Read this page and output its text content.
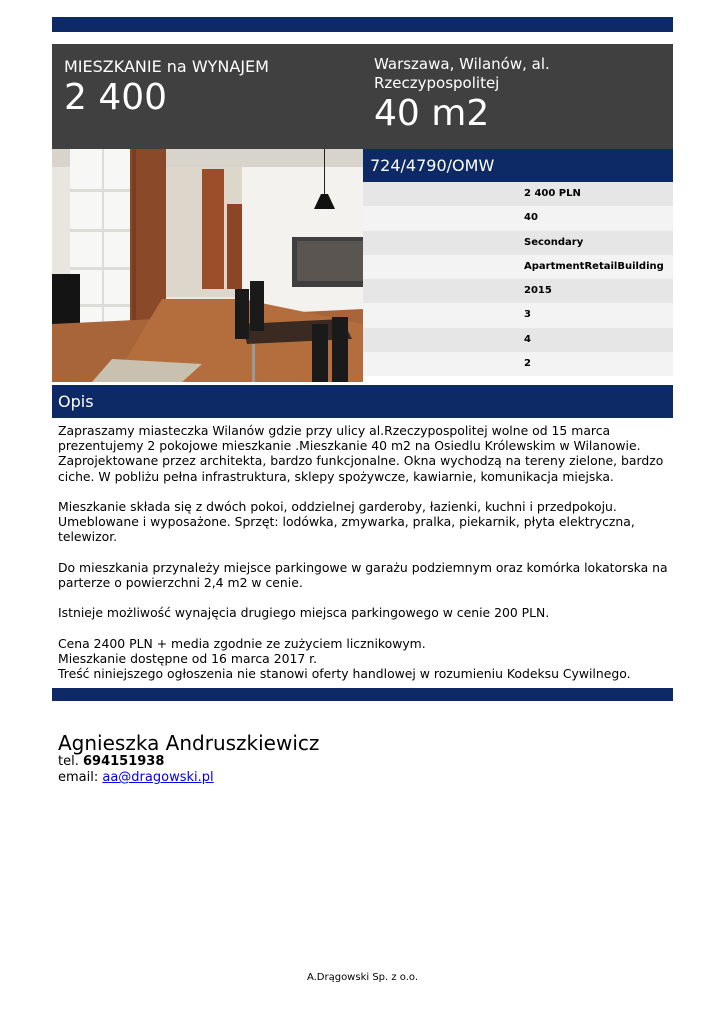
MIESZKANIE na WYNAJEM
2 400
Warszawa, Wilanów, al. Rzeczypospolitej
40 m2
724/4790/OMW
2 400 PLN
40
Secondary
ApartmentRetailBuilding
2015
3
4
2
Opis
Zapraszamy miasteczka Wilanów gdzie przy ulicy al.Rzeczypospolitej wolne od 15 marca prezentujemy 2 pokojowe mieszkanie .Mieszkanie 40 m2 na Osiedlu Królewskim w Wilanowie. Zaprojektowane przez architekta, bardzo funkcjonalne. Okna wychodzą na tereny zielone, bardzo ciche. W pobliżu pełna infrastruktura, sklepy spożywcze, kawiarnie, komunikacja miejska.

Mieszkanie składa się z dwóch pokoi, oddzielnej garderoby, łazienki, kuchni i przedpokoju. Umeblowane i wyposażone. Sprzęt: lodówka, zmywarka, pralka, piekarnik, płyta elektryczna, telewizor.

Do mieszkania przynależy miejsce parkingowe w garażu podziemnym oraz komórka lokatorska na parterze o powierzchni 2,4 m2 w cenie.

Istnieje możliwość wynajęcia drugiego miejsca parkingowego w cenie 200 PLN.

Cena 2400 PLN + media zgodnie ze zużyciem licznikowym.
Mieszkanie dostępne od 16 marca 2017 r.
Treść niniejszego ogłoszenia nie stanowi oferty handlowej w rozumieniu Kodeksu Cywilnego.
Agnieszka Andruszkiewicz
tel. 694151938
email: aa@dragowski.pl
A.Drągowski Sp. z o.o.
